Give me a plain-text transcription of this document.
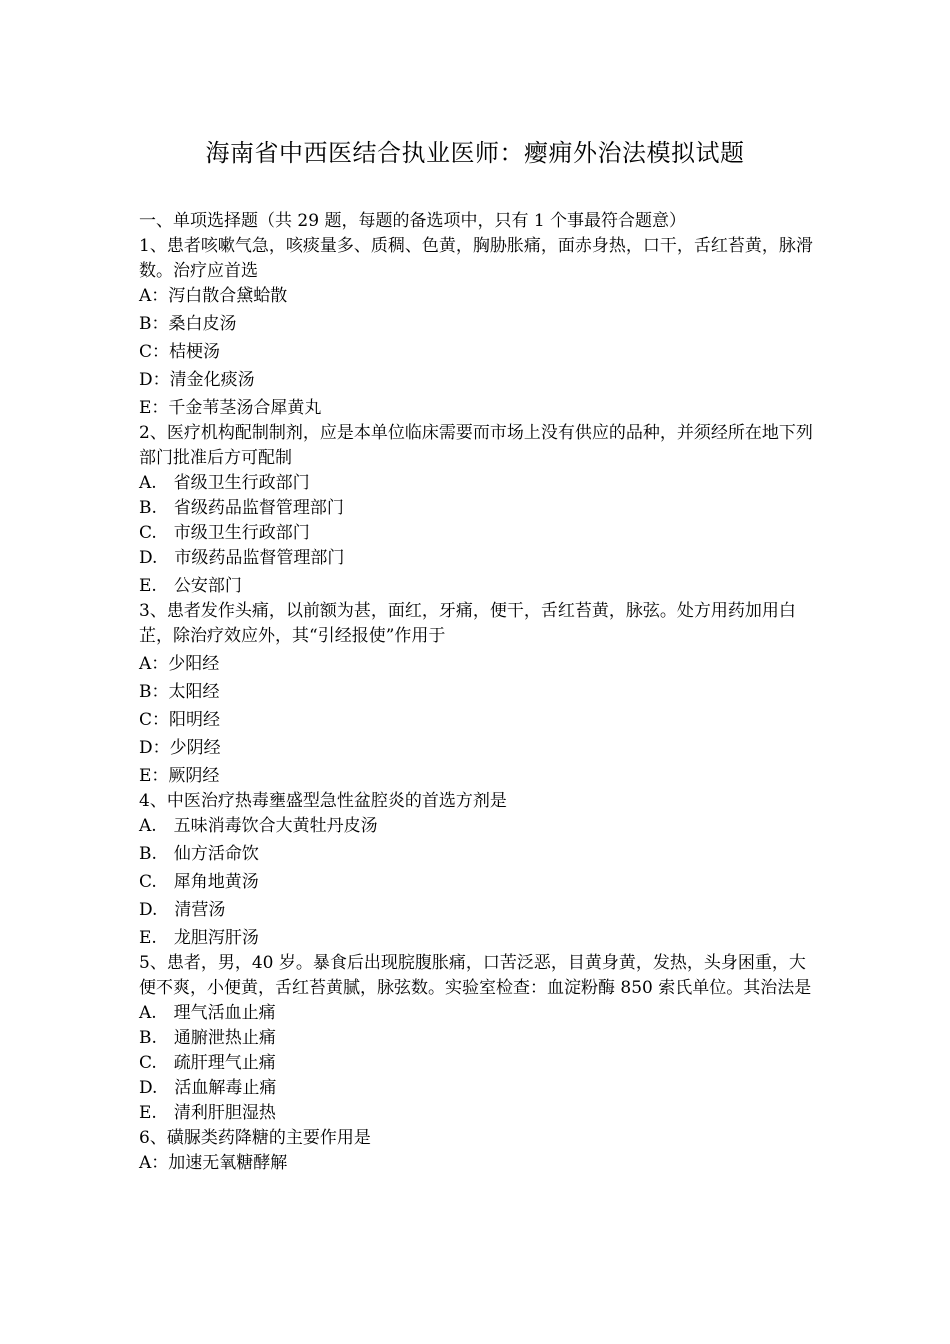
海南省中西医结合执业医师：瘿痈外治法模拟试题

一、单项选择题（共 29 题，每题的备选项中，只有 1 个事最符合题意）

1、患者咳嗽气急，咳痰量多、质稠、色黄，胸胁胀痛，面赤身热，口干，舌红苔黄，脉滑数。治疗应首选

A：泻白散合黛蛤散

B：桑白皮汤

C：桔梗汤

D：清金化痰汤

E：千金苇茎汤合犀黄丸

2、医疗机构配制制剂，应是本单位临床需要而市场上没有供应的品种，并须经所在地下列部门批准后方可配制

A.　省级卫生行政部门

B.　省级药品监督管理部门

C.　市级卫生行政部门

D.　市级药品监督管理部门

E.　公安部门

3、患者发作头痛，以前额为甚，面红，牙痛，便干，舌红苔黄，脉弦。处方用药加用白芷，除治疗效应外，其“引经报使”作用于

A：少阳经

B：太阳经

C：阳明经

D：少阴经

E：厥阴经

4、中医治疗热毒壅盛型急性盆腔炎的首选方剂是

A.　五味消毒饮合大黄牡丹皮汤

B.　仙方活命饮

C.　犀角地黄汤

D.　清营汤

E.　龙胆泻肝汤

5、患者，男，40 岁。暴食后出现脘腹胀痛，口苦泛恶，目黄身黄，发热，头身困重，大便不爽，小便黄，舌红苔黄腻，脉弦数。实验室检查：血淀粉酶 850 索氏单位。其治法是

A.　理气活血止痛

B.　通腑泄热止痛

C.　疏肝理气止痛

D.　活血解毒止痛

E.　清利肝胆湿热

6、磺脲类药降糖的主要作用是

A：加速无氧糖酵解
